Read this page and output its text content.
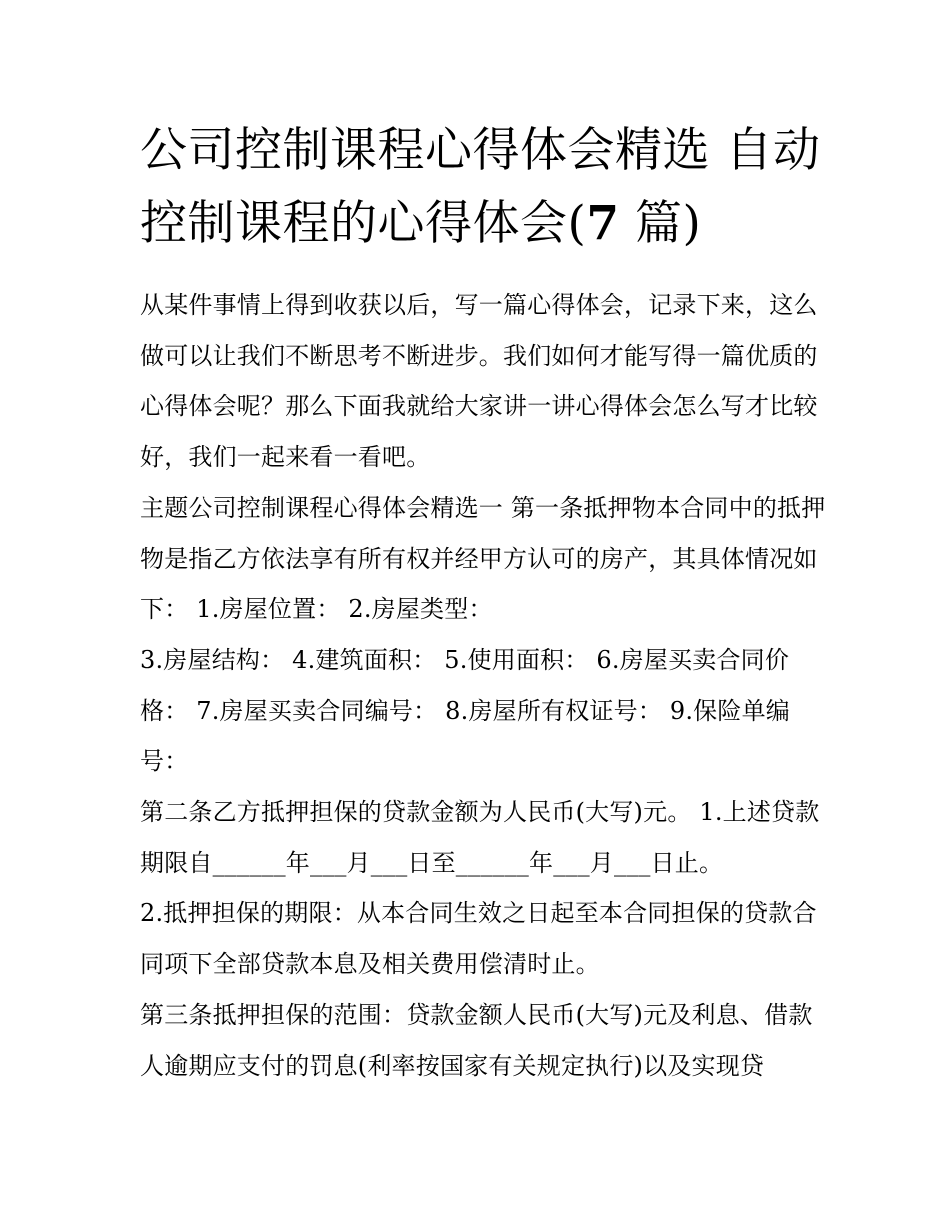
公司控制课程心得体会精选 自动控制课程的心得体会(7 篇)

从某件事情上得到收获以后，写一篇心得体会，记录下来，这么做可以让我们不断思考不断进步。我们如何才能写得一篇优质的心得体会呢？那么下面我就给大家讲一讲心得体会怎么写才比较好，我们一起来看一看吧。

主题公司控制课程心得体会精选一 第一条抵押物本合同中的抵押物是指乙方依法享有所有权并经甲方认可的房产，其具体情况如下： 1.房屋位置： 2.房屋类型：

3.房屋结构： 4.建筑面积： 5.使用面积： 6.房屋买卖合同价格： 7.房屋买卖合同编号： 8.房屋所有权证号： 9.保险单编号：

第二条乙方抵押担保的贷款金额为人民币(大写)元。 1.上述贷款期限自______年___月___日至______年___月___日止。

2.抵押担保的期限：从本合同生效之日起至本合同担保的贷款合同项下全部贷款本息及相关费用偿清时止。

第三条抵押担保的范围：贷款金额人民币(大写)元及利息、借款人逾期应支付的罚息(利率按国家有关规定执行)以及实现贷
